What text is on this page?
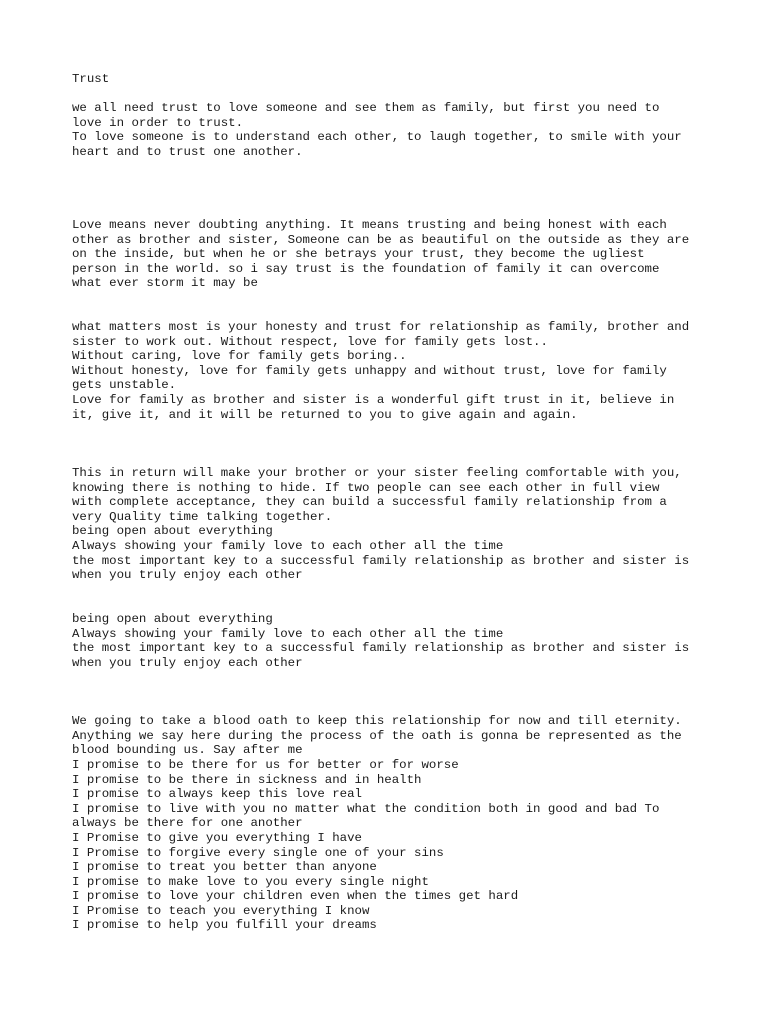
Trust
we all need trust to love someone and see them as family, but first you need to
love in order to trust.
To love someone is to understand each other, to laugh together, to smile with your
heart and to trust one another.
Love means never doubting anything. It means trusting and being honest with each
other as brother and sister, Someone can be as beautiful on the outside as they are
on the inside, but when he or she betrays your trust, they become the ugliest
person in the world. so i say trust is the foundation of family it can overcome
what ever storm it may be
what matters most is your honesty and trust for relationship as family, brother and
sister to work out. Without respect, love for family gets lost..
Without caring, love for family gets boring..
Without honesty, love for family gets unhappy and without trust, love for family
gets unstable.
Love for family as brother and sister is a wonderful gift trust in it, believe in
it, give it, and it will be returned to you to give again and again.
This in return will make your brother or your sister feeling comfortable with you,
knowing there is nothing to hide. If two people can see each other in full view
with complete acceptance, they can build a successful family relationship from a
very Quality time talking together.
being open about everything
Always showing your family love to each other all the time
the most important key to a successful family relationship as brother and sister is
when you truly enjoy each other
being open about everything
Always showing your family love to each other all the time
the most important key to a successful family relationship as brother and sister is
when you truly enjoy each other
We going to take a blood oath to keep this relationship for now and till eternity.
Anything we say here during the process of the oath is gonna be represented as the
blood bounding us. Say after me
I promise to be there for us for better or for worse
I promise to be there in sickness and in health
I promise to always keep this love real
I promise to live with you no matter what the condition both in good and bad To
always be there for one another
I Promise to give you everything I have
I Promise to forgive every single one of your sins
I promise to treat you better than anyone
I promise to make love to you every single night
I promise to love your children even when the times get hard
I Promise to teach you everything I know
I promise to help you fulfill your dreams
